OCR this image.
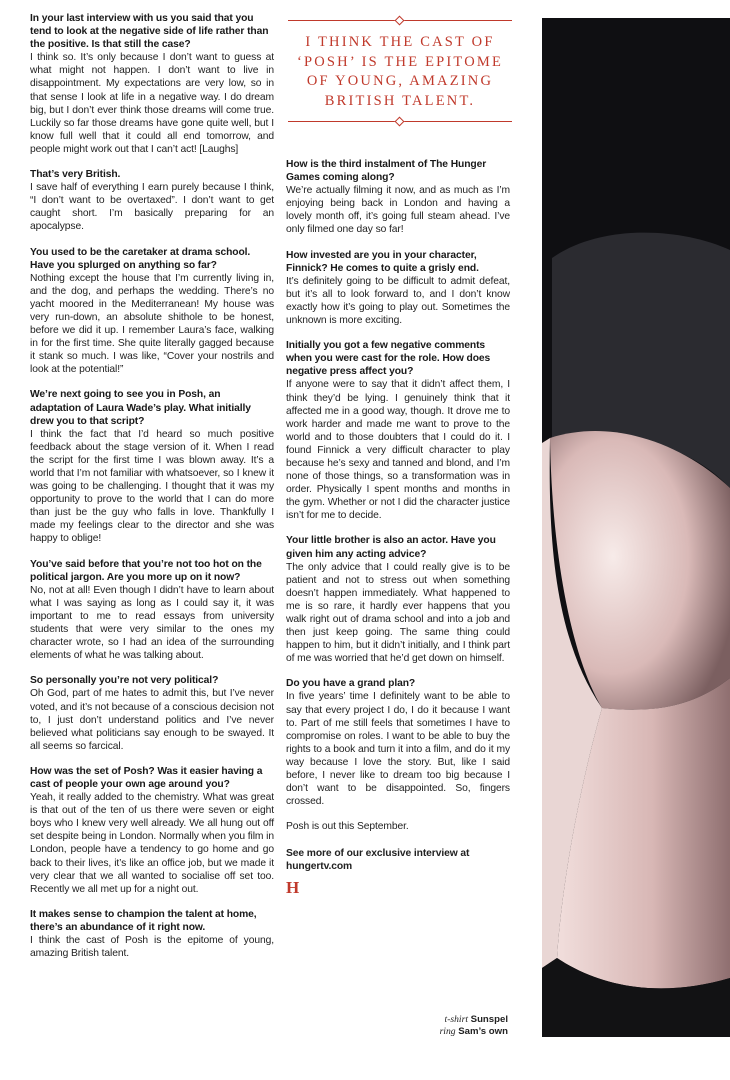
In your last interview with us you said that you tend to look at the negative side of life rather than the positive. Is that still the case?

I think so. It’s only because I don’t want to guess at what might not happen. I don’t want to live in disappointment. My expectations are very low, so in that sense I look at life in a negative way. I do dream big, but I don’t ever think those dreams will come true. Luckily so far those dreams have gone quite well, but I know full well that it could all end tomorrow, and people might work out that I can’t act! [Laughs]

That’s very British.

I save half of everything I earn purely because I think, “I don’t want to be overtaxed”. I don’t want to get caught short. I’m basically preparing for an apocalypse.

You used to be the caretaker at drama school. Have you splurged on anything so far?

Nothing except the house that I’m currently living in, and the dog, and perhaps the wedding. There’s no yacht moored in the Mediterranean! My house was very run-down, an absolute shithole to be honest, before we did it up. I remember Laura’s face, walking in for the first time. She quite literally gagged because it stank so much. I was like, “Cover your nostrils and look at the potential!”

We’re next going to see you in Posh, an adaptation of Laura Wade’s play. What initially drew you to that script?

I think the fact that I’d heard so much positive feedback about the stage version of it. When I read the script for the first time I was blown away. It’s a world that I’m not familiar with whatsoever, so I knew it was going to be challenging. I thought that it was my opportunity to prove to the world that I can do more than just be the guy who falls in love. Thankfully I made my feelings clear to the director and she was happy to oblige!

You’ve said before that you’re not too hot on the political jargon. Are you more up on it now?

No, not at all! Even though I didn’t have to learn about what I was saying as long as I could say it, it was important to me to read essays from university students that were very similar to the ones my character wrote, so I had an idea of the surrounding elements of what he was talking about.

So personally you’re not very political?

Oh God, part of me hates to admit this, but I’ve never voted, and it’s not because of a conscious decision not to, I just don’t understand politics and I’ve never believed what politicians say enough to be swayed. It all seems so farcical.

How was the set of Posh? Was it easier having a cast of people your own age around you?

Yeah, it really added to the chemistry. What was great is that out of the ten of us there were seven or eight boys who I knew very well already. We all hung out off set despite being in London. Normally when you film in London, people have a tendency to go home and go back to their lives, it’s like an office job, but we made it very clear that we all wanted to socialise off set too. Recently we all met up for a night out.

It makes sense to champion the talent at home, there’s an abundance of it right now.

I think the cast of Posh is the epitome of young, amazing British talent.

I THINK THE CAST OF ‘POSH’ IS THE EPITOME OF YOUNG, AMAZING BRITISH TALENT.

How is the third instalment of The Hunger Games coming along?

We’re actually filming it now, and as much as I’m enjoying being back in London and having a lovely month off, it’s going full steam ahead. I’ve only filmed one day so far!

How invested are you in your character, Finnick? He comes to quite a grisly end.

It’s definitely going to be difficult to admit defeat, but it’s all to look forward to, and I don’t know exactly how it’s going to play out. Sometimes the unknown is more exciting.

Initially you got a few negative comments when you were cast for the role. How does negative press affect you?

If anyone were to say that it didn’t affect them, I think they’d be lying. I genuinely think that it affected me in a good way, though. It drove me to work harder and made me want to prove to the world and to those doubters that I could do it. I found Finnick a very difficult character to play because he’s sexy and tanned and blond, and I’m none of those things, so a transformation was in order. Physically I spent months and months in the gym. Whether or not I did the character justice isn’t for me to decide.

Your little brother is also an actor. Have you given him any acting advice?

The only advice that I could really give is to be patient and not to stress out when something doesn’t happen immediately. What happened to me is so rare, it hardly ever happens that you walk right out of drama school and into a job and then just keep going. The same thing could happen to him, but it didn’t initially, and I think part of me was worried that he’d get down on himself.

Do you have a grand plan?

In five years’ time I definitely want to be able to say that every project I do, I do it because I want to. Part of me still feels that sometimes I have to compromise on roles. I want to be able to buy the rights to a book and turn it into a film, and do it my way because I love the story. But, like I said before, I never like to dream too big because I don’t want to be disappointed. So, fingers crossed.

Posh is out this September.

See more of our exclusive interview at hungertv.com

H
t-shirt Sunspel
ring Sam’s own
